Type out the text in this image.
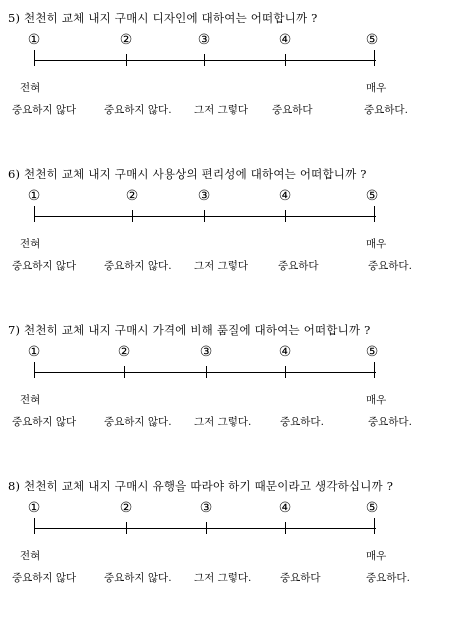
5) 천천히 교체 내지 구매시 디자인에 대하여는 어떠합니까 ?
①	②	③	④	⑤
전혀	매우
중요하지 않다	중요하지 않다. 그저 그렇다 중요하다	중요하다.
6) 천천히 교체 내지 구매시 사용상의 편리성에 대하여는 어떠합니까 ?
①	②	③	④	⑤
전혀	매우
중요하지 않다	중요하지 않다. 그저 그렇다	중요하다	중요하다.
7) 천천히 교체 내지 구매시 가격에 비해 품질에 대하여는 어떠합니까 ?
①	②	③	④	⑤
전혀	매우
중요하지 않다	중요하지 않다. 그저 그렇다.	중요하다.	중요하다.
8) 천천히 교체 내지 구매시 유행을 따라야 하기 때문이라고 생각하십니까 ?
①	②	③	④	⑤
전혀	매우
중요하지 않다	중요하지 않다. 그저 그렇다.	중요하다	중요하다.
